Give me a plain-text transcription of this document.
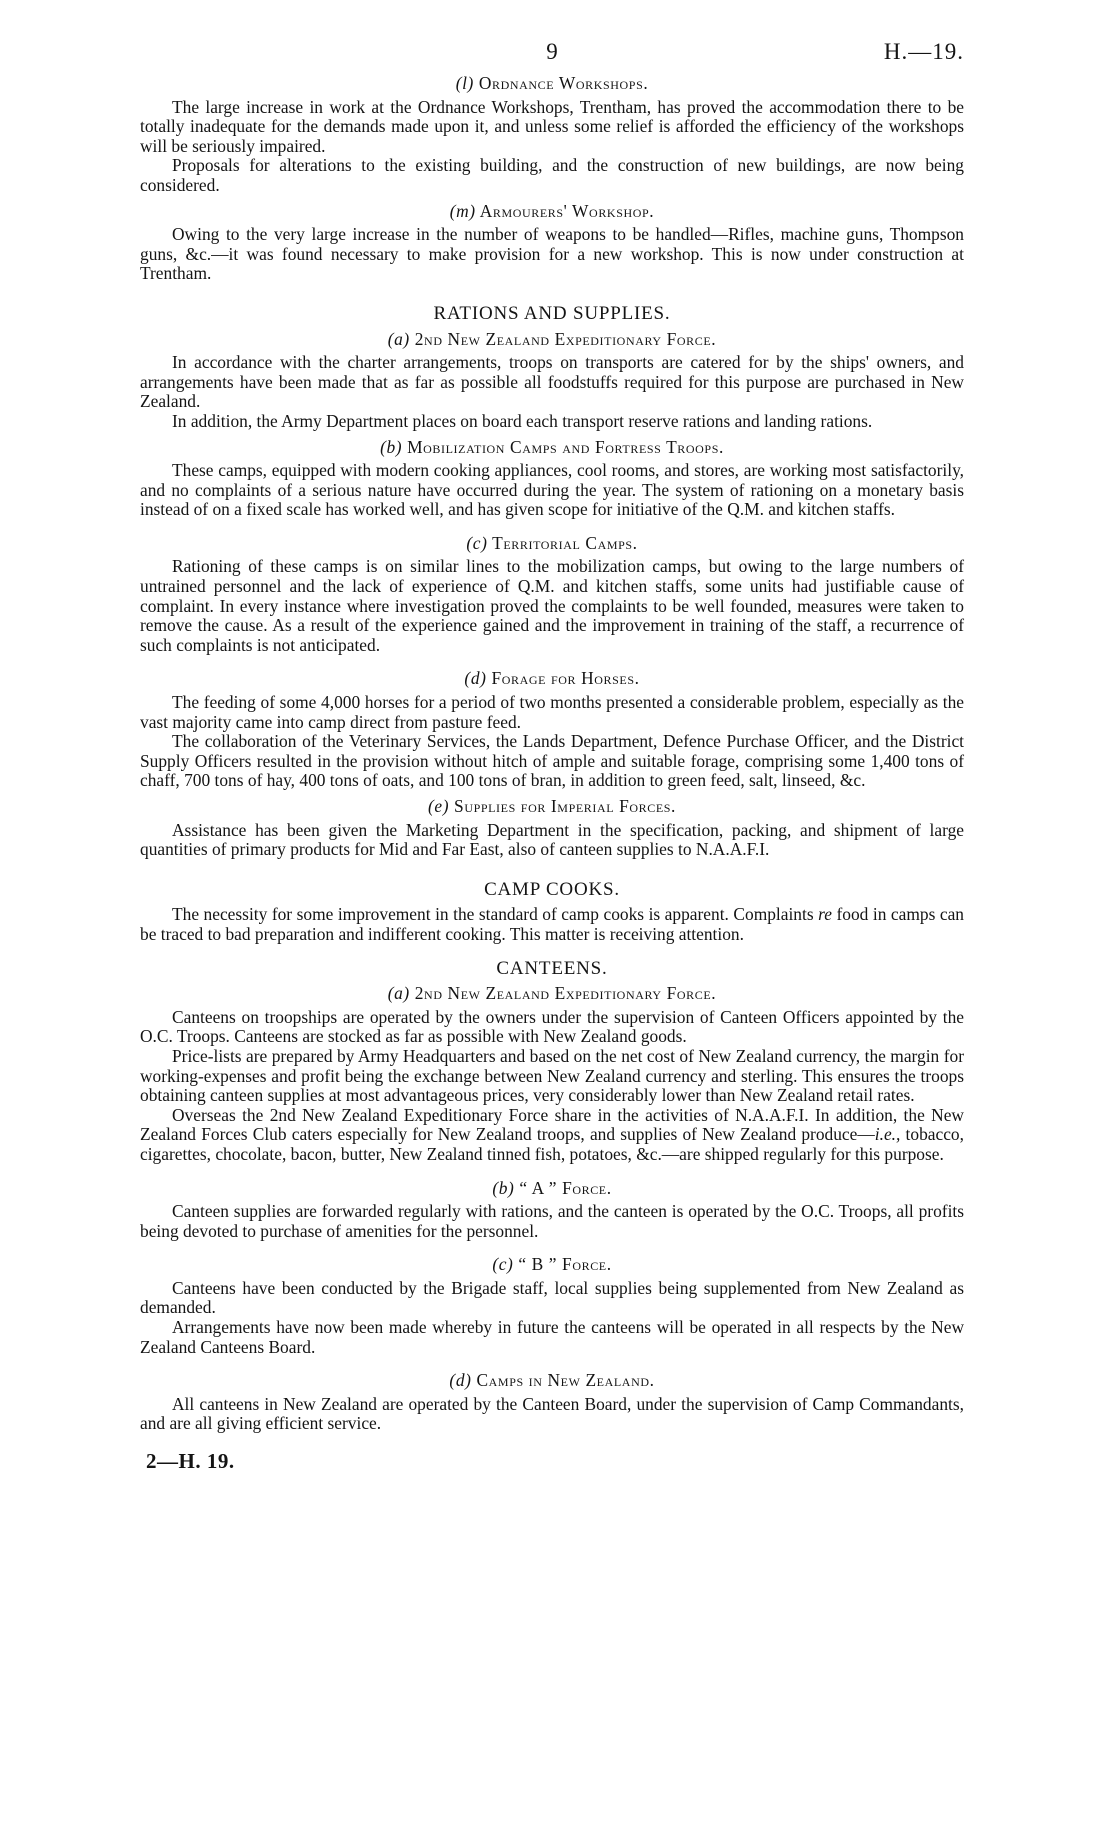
9	H.—19.
(l) Ordnance Workshops.

The large increase in work at the Ordnance Workshops, Trentham, has proved the accommodation there to be totally inadequate for the demands made upon it, and unless some relief is afforded the efficiency of the workshops will be seriously impaired.

Proposals for alterations to the existing building, and the construction of new buildings, are now being considered.

(m) Armourers' Workshop.

Owing to the very large increase in the number of weapons to be handled—Rifles, machine guns, Thompson guns, &c.—it was found necessary to make provision for a new workshop. This is now under construction at Trentham.

RATIONS AND SUPPLIES.
(a) 2nd New Zealand Expeditionary Force.

In accordance with the charter arrangements, troops on transports are catered for by the ships' owners, and arrangements have been made that as far as possible all foodstuffs required for this purpose are purchased in New Zealand.

In addition, the Army Department places on board each transport reserve rations and landing rations.

(b) Mobilization Camps and Fortress Troops.

These camps, equipped with modern cooking appliances, cool rooms, and stores, are working most satisfactorily, and no complaints of a serious nature have occurred during the year. The system of rationing on a monetary basis instead of on a fixed scale has worked well, and has given scope for initiative of the Q.M. and kitchen staffs.

(c) Territorial Camps.

Rationing of these camps is on similar lines to the mobilization camps, but owing to the large numbers of untrained personnel and the lack of experience of Q.M. and kitchen staffs, some units had justifiable cause of complaint. In every instance where investigation proved the complaints to be well founded, measures were taken to remove the cause. As a result of the experience gained and the improvement in training of the staff, a recurrence of such complaints is not anticipated.

(d) Forage for Horses.

The feeding of some 4,000 horses for a period of two months presented a considerable problem, especially as the vast majority came into camp direct from pasture feed.

The collaboration of the Veterinary Services, the Lands Department, Defence Purchase Officer, and the District Supply Officers resulted in the provision without hitch of ample and suitable forage, comprising some 1,400 tons of chaff, 700 tons of hay, 400 tons of oats, and 100 tons of bran, in addition to green feed, salt, linseed, &c.

(e) Supplies for Imperial Forces.

Assistance has been given the Marketing Department in the specification, packing, and shipment of large quantities of primary products for Mid and Far East, also of canteen supplies to N.A.A.F.I.

CAMP COOKS.

The necessity for some improvement in the standard of camp cooks is apparent. Complaints re food in camps can be traced to bad preparation and indifferent cooking. This matter is receiving attention.

CANTEENS.
(a) 2nd New Zealand Expeditionary Force.

Canteens on troopships are operated by the owners under the supervision of Canteen Officers appointed by the O.C. Troops. Canteens are stocked as far as possible with New Zealand goods.

Price-lists are prepared by Army Headquarters and based on the net cost of New Zealand currency, the margin for working-expenses and profit being the exchange between New Zealand currency and sterling. This ensures the troops obtaining canteen supplies at most advantageous prices, very considerably lower than New Zealand retail rates.

Overseas the 2nd New Zealand Expeditionary Force share in the activities of N.A.A.F.I. In addition, the New Zealand Forces Club caters especially for New Zealand troops, and supplies of New Zealand produce—i.e., tobacco, cigarettes, chocolate, bacon, butter, New Zealand tinned fish, potatoes, &c.—are shipped regularly for this purpose.

(b) “ A ” Force.

Canteen supplies are forwarded regularly with rations, and the canteen is operated by the O.C. Troops, all profits being devoted to purchase of amenities for the personnel.

(c) “ B ” Force.

Canteens have been conducted by the Brigade staff, local supplies being supplemented from New Zealand as demanded.

Arrangements have now been made whereby in future the canteens will be operated in all respects by the New Zealand Canteens Board.

(d) Camps in New Zealand.

All canteens in New Zealand are operated by the Canteen Board, under the supervision of Camp Commandants, and are all giving efficient service.

2—H. 19.
